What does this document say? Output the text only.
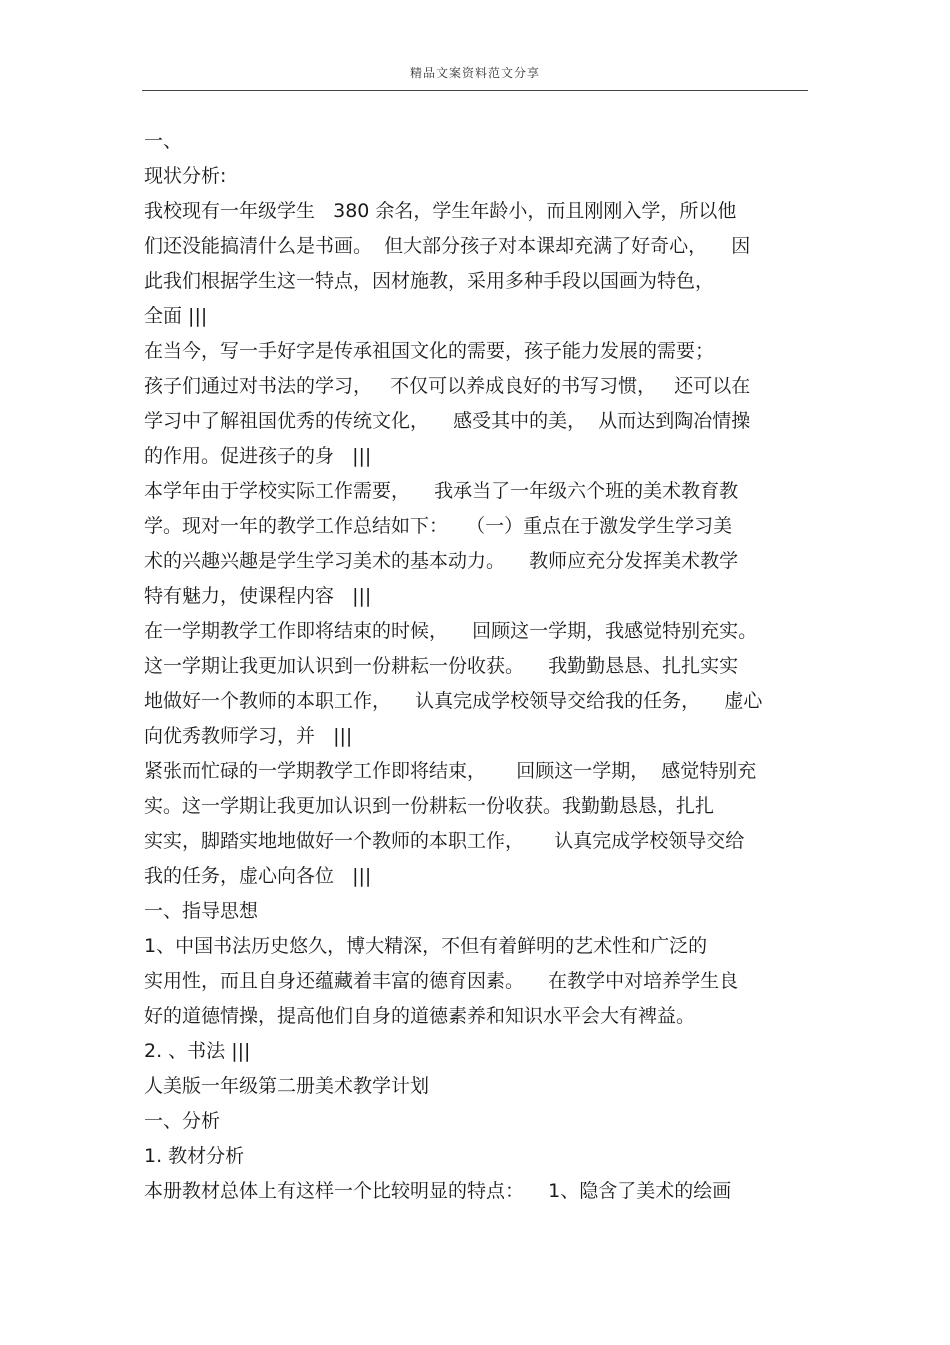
精品文案资料范文分享
一、
现状分析:
我校现有一年级学生   380 余名，学生年龄小，而且刚刚入学，所以他
们还没能搞清什么是书画。  但大部分孩子对本课却充满了好奇心，    因
此我们根据学生这一特点，因材施教，采用多种手段以国画为特色，
全面 |||
在当今，写一手好字是传承祖国文化的需要，孩子能力发展的需要；
孩子们通过对书法的学习，   不仅可以养成良好的书写习惯，   还可以在
学习中了解祖国优秀的传统文化，    感受其中的美，  从而达到陶冶情操
的作用。促进孩子的身   |||
本学年由于学校实际工作需要，    我承当了一年级六个班的美术教育教
学。现对一年的教学工作总结如下：   （一）重点在于激发学生学习美
术的兴趣兴趣是学生学习美术的基本动力。    教师应充分发挥美术教学
特有魅力，使课程内容   |||
在一学期教学工作即将结束的时候，    回顾这一学期，我感觉特别充实。
这一学期让我更加认识到一份耕耘一份收获。    我勤勤恳恳、扎扎实实
地做好一个教师的本职工作，    认真完成学校领导交给我的任务，    虚心
向优秀教师学习，并   |||
紧张而忙碌的一学期教学工作即将结束，     回顾这一学期，  感觉特别充
实。这一学期让我更加认识到一份耕耘一份收获。我勤勤恳恳，扎扎
实实，脚踏实地地做好一个教师的本职工作，     认真完成学校领导交给
我的任务，虚心向各位   |||
一、指导思想
1、中国书法历史悠久，博大精深，不但有着鲜明的艺术性和广泛的
实用性，而且自身还蕴藏着丰富的德育因素。    在教学中对培养学生良
好的道德情操，提高他们自身的道德素养和知识水平会大有裨益。
2. 、书法 |||
人美版一年级第二册美术教学计划
一、分析
1. 教材分析
本册教材总体上有这样一个比较明显的特点：    1、隐含了美术的绘画
